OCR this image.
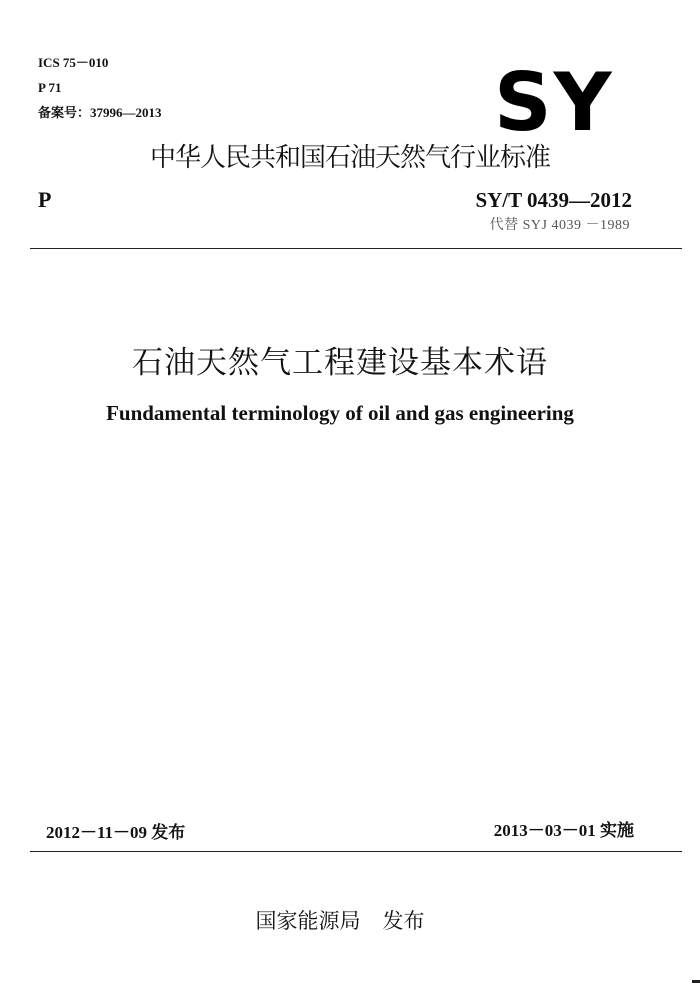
ICS 75－010
P 71
备案号：37996—2013	SY
中华人民共和国石油天然气行业标准
P	SY/T 0439—2012
代替 SYJ 4039 －1989
石油天然气工程建设基本术语
Fundamental terminology of oil and gas engineering
2012－11－09 发布	2013－03－01 实施
国家能源局 发布
